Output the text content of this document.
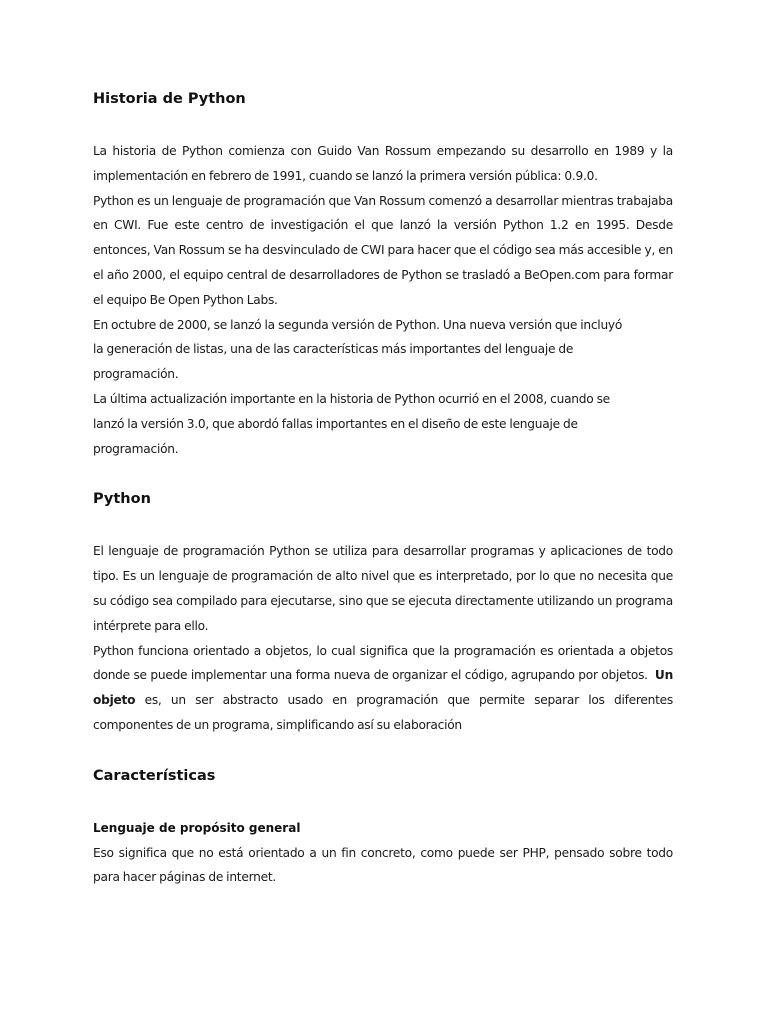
Historia de Python

La historia de Python comienza con Guido Van Rossum empezando su desarrollo en 1989 y la implementación en febrero de 1991, cuando se lanzó la primera versión pública: 0.9.0.

Python es un lenguaje de programación que Van Rossum comenzó a desarrollar mientras trabajaba en CWI. Fue este centro de investigación el que lanzó la versión Python 1.2 en 1995. Desde entonces, Van Rossum se ha desvinculado de CWI para hacer que el código sea más accesible y, en el año 2000, el equipo central de desarrolladores de Python se trasladó a BeOpen.com para formar el equipo Be Open Python Labs.

En octubre de 2000, se lanzó la segunda versión de Python. Una nueva versión que incluyó

la generación de listas, una de las características más importantes del lenguaje de

programación.

La última actualización importante en la historia de Python ocurrió en el 2008, cuando se

lanzó la versión 3.0, que abordó fallas importantes en el diseño de este lenguaje de

programación.

Python

El lenguaje de programación Python se utiliza para desarrollar programas y aplicaciones de todo tipo. Es un lenguaje de programación de alto nivel que es interpretado, por lo que no necesita que su código sea compilado para ejecutarse, sino que se ejecuta directamente utilizando un programa intérprete para ello.

Python funciona orientado a objetos, lo cual significa que la programación es orientada a objetos donde se puede implementar una forma nueva de organizar el código, agrupando por objetos.  Un objeto es, un ser abstracto usado en programación que permite separar los diferentes componentes de un programa, simplificando así su elaboración

Características
Lenguaje de propósito general

Eso significa que no está orientado a un fin concreto, como puede ser PHP, pensado sobre todo para hacer páginas de internet.
